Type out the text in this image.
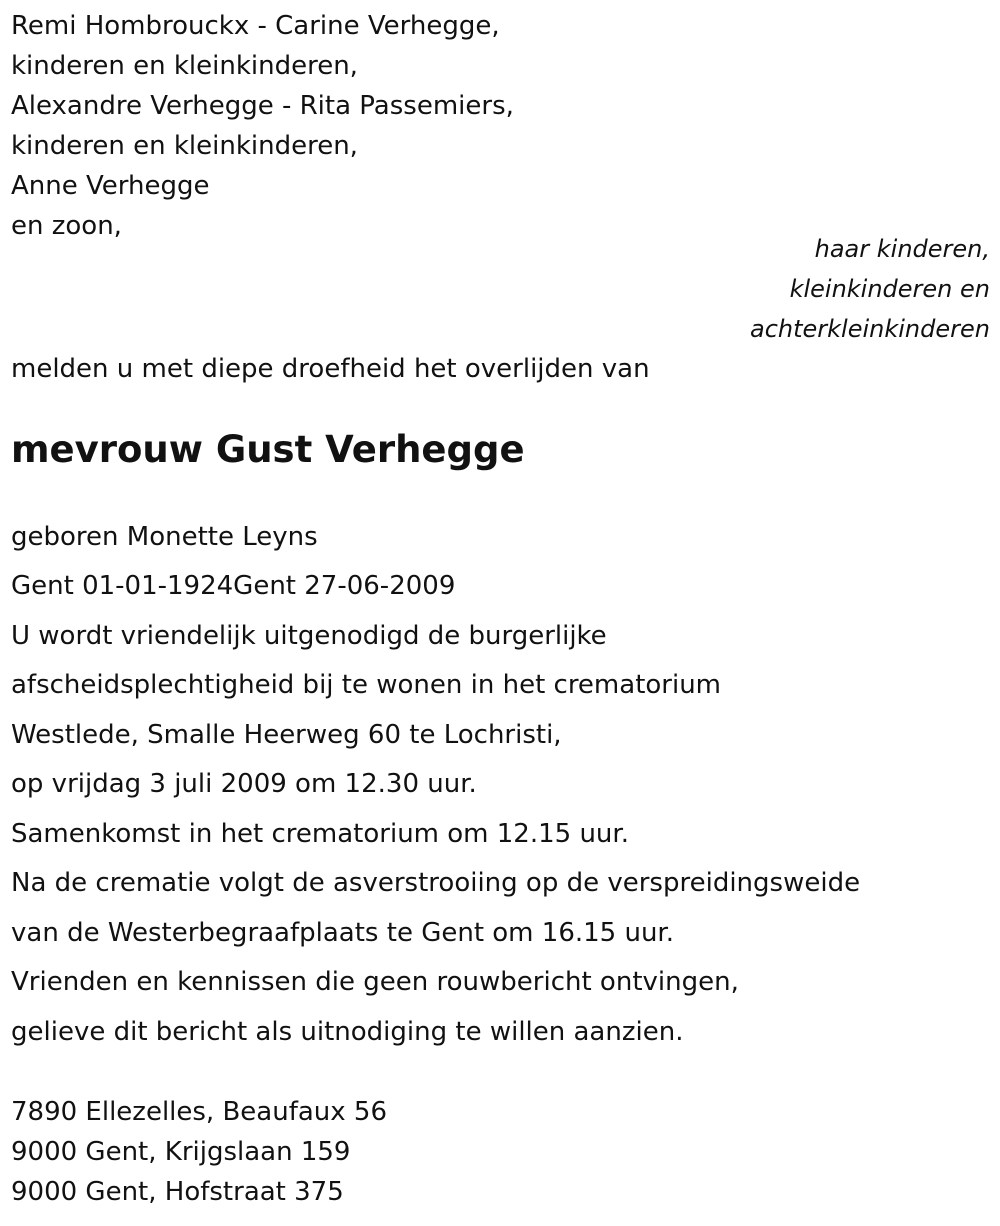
Remi Hombrouckx - Carine Verhegge,
kinderen en kleinkinderen,
Alexandre Verhegge - Rita Passemiers,
kinderen en kleinkinderen,
Anne Verhegge
en zoon,
haar kinderen,
kleinkinderen en
achterkleinkinderen
melden u met diepe droefheid het overlijden van
mevrouw Gust Verhegge
geboren Monette Leyns
Gent 01-01-1924Gent 27-06-2009
U wordt vriendelijk uitgenodigd de burgerlijke
afscheidsplechtigheid bij te wonen in het crematorium
Westlede, Smalle Heerweg 60 te Lochristi,
op vrijdag 3 juli 2009 om 12.30 uur.
Samenkomst in het crematorium om 12.15 uur.
Na de crematie volgt de asverstrooiing op de verspreidingsweide
van de Westerbegraafplaats te Gent om 16.15 uur.
Vrienden en kennissen die geen rouwbericht ontvingen,
gelieve dit bericht als uitnodiging te willen aanzien.
7890 Ellezelles, Beaufaux 56
9000 Gent, Krijgslaan 159
9000 Gent, Hofstraat 375
